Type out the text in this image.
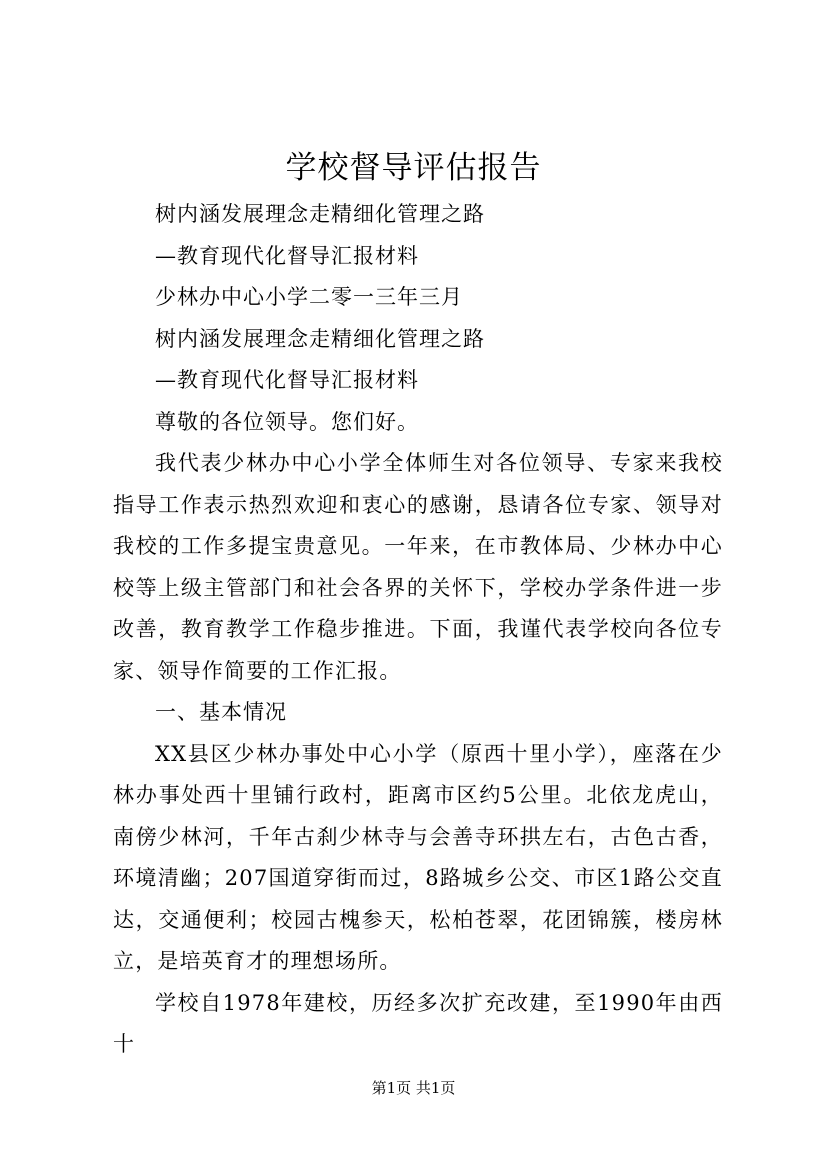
学校督导评估报告

树内涵发展理念走精细化管理之路

—教育现代化督导汇报材料

少林办中心小学二零一三年三月

树内涵发展理念走精细化管理之路

—教育现代化督导汇报材料

尊敬的各位领导。您们好。

我代表少林办中心小学全体师生对各位领导、专家来我校指导工作表示热烈欢迎和衷心的感谢，恳请各位专家、领导对我校的工作多提宝贵意见。一年来，在市教体局、少林办中心校等上级主管部门和社会各界的关怀下，学校办学条件进一步改善，教育教学工作稳步推进。下面，我谨代表学校向各位专家、领导作简要的工作汇报。

一、基本情况

XX县区少林办事处中心小学（原西十里小学），座落在少林办事处西十里铺行政村，距离市区约5公里。北依龙虎山，南傍少林河，千年古刹少林寺与会善寺环拱左右，古色古香，环境清幽；207国道穿街而过，8路城乡公交、市区1路公交直达，交通便利；校园古槐参天，松柏苍翠，花团锦簇，楼房林立，是培英育才的理想场所。

学校自1978年建校，历经多次扩充改建，至1990年由西十

第1页 共1页
